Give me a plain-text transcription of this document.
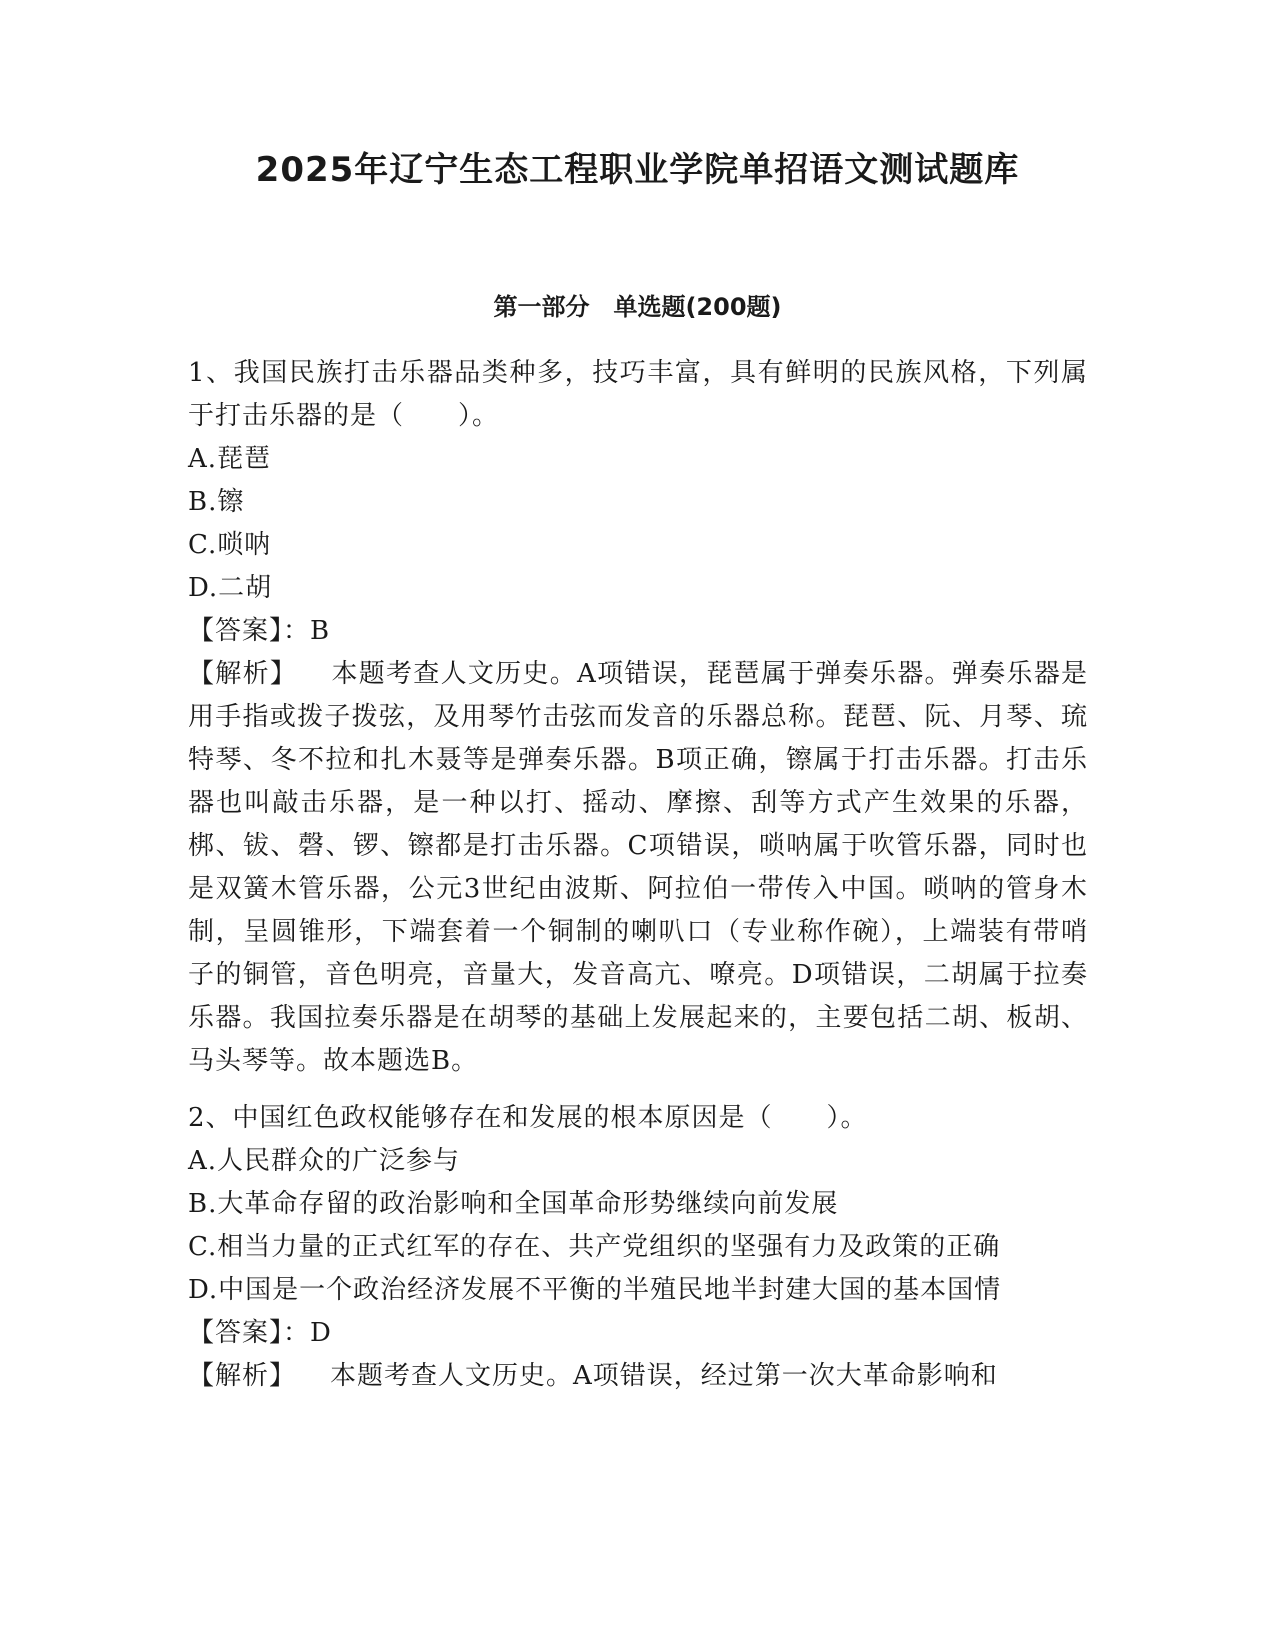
2025年辽宁生态工程职业学院单招语文测试题库
第一部分　单选题(200题)

1、我国民族打击乐器品类种多，技巧丰富，具有鲜明的民族风格，下列属于打击乐器的是（　　）。

A.琵琶

B.镲

C.唢呐

D.二胡

【答案】：B

【解析】 本题考查人文历史。A项错误，琵琶属于弹奏乐器。弹奏乐器是用手指或拨子拨弦，及用琴竹击弦而发音的乐器总称。琵琶、阮、月琴、琉特琴、冬不拉和扎木聂等是弹奏乐器。B项正确，镲属于打击乐器。打击乐器也叫敲击乐器，是一种以打、摇动、摩擦、刮等方式产生效果的乐器，梆、钹、磬、锣、镲都是打击乐器。C项错误，唢呐属于吹管乐器，同时也是双簧木管乐器，公元3世纪由波斯、阿拉伯一带传入中国。唢呐的管身木制，呈圆锥形，下端套着一个铜制的喇叭口（专业称作碗），上端装有带哨子的铜管，音色明亮，音量大，发音高亢、嘹亮。D项错误，二胡属于拉奏乐器。我国拉奏乐器是在胡琴的基础上发展起来的，主要包括二胡、板胡、马头琴等。故本题选B。

2、中国红色政权能够存在和发展的根本原因是（　　）。

A.人民群众的广泛参与

B.大革命存留的政治影响和全国革命形势继续向前发展

C.相当力量的正式红军的存在、共产党组织的坚强有力及政策的正确

D.中国是一个政治经济发展不平衡的半殖民地半封建大国的基本国情

【答案】：D

【解析】 本题考查人文历史。A项错误，经过第一次大革命影响和
